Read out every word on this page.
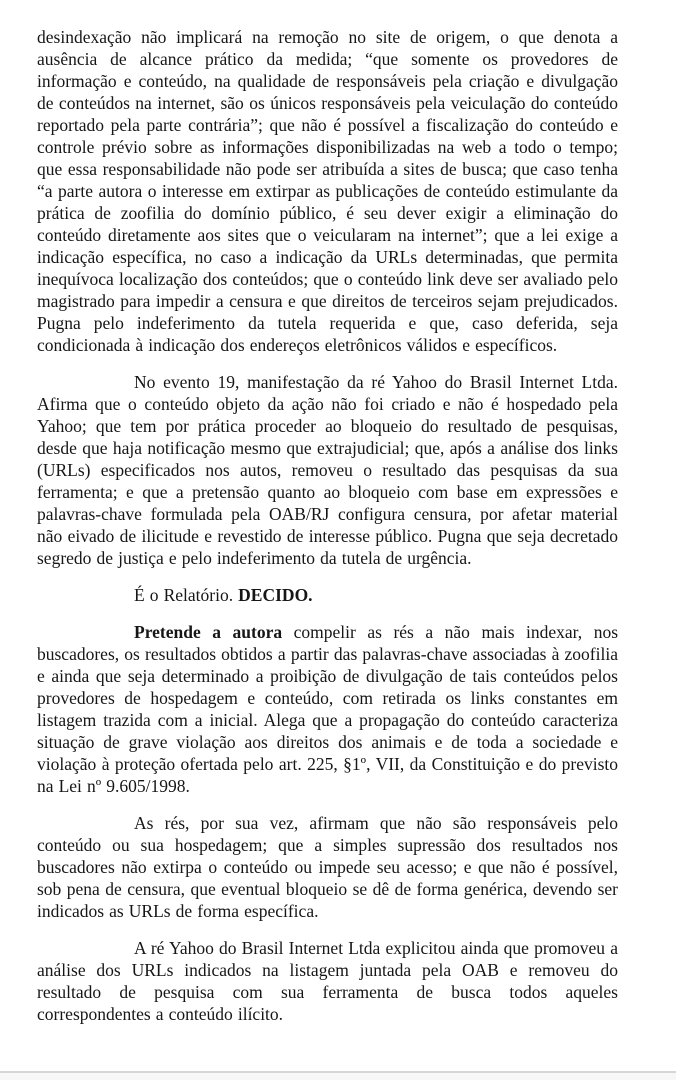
desindexação não implicará na remoção no site de origem, o que denota a ausência de alcance prático da medida; “que somente os provedores de informação e conteúdo, na qualidade de responsáveis pela criação e divulgação de conteúdos na internet, são os únicos responsáveis pela veiculação do conteúdo reportado pela parte contrária”; que não é possível a fiscalização do conteúdo e controle prévio sobre as informações disponibilizadas na web a todo o tempo; que essa responsabilidade não pode ser atribuída a sites de busca; que caso tenha “a parte autora o interesse em extirpar as publicações de conteúdo estimulante da prática de zoofilia do domínio público, é seu dever exigir a eliminação do conteúdo diretamente aos sites que o veicularam na internet”; que a lei exige a indicação específica, no caso a indicação da URLs determinadas, que permita inequívoca localização dos conteúdos; que o conteúdo link deve ser avaliado pelo magistrado para impedir a censura e que direitos de terceiros sejam prejudicados. Pugna pelo indeferimento da tutela requerida e que, caso deferida, seja condicionada à indicação dos endereços eletrônicos válidos e específicos.

No evento 19, manifestação da ré Yahoo do Brasil Internet Ltda. Afirma que o conteúdo objeto da ação não foi criado e não é hospedado pela Yahoo; que tem por prática proceder ao bloqueio do resultado de pesquisas, desde que haja notificação mesmo que extrajudicial; que, após a análise dos links (URLs) especificados nos autos, removeu o resultado das pesquisas da sua ferramenta; e que a pretensão quanto ao bloqueio com base em expressões e palavras-chave formulada pela OAB/RJ configura censura, por afetar material não eivado de ilicitude e revestido de interesse público. Pugna que seja decretado segredo de justiça e pelo indeferimento da tutela de urgência.

É o Relatório. DECIDO.

Pretende a autora compelir as rés a não mais indexar, nos buscadores, os resultados obtidos a partir das palavras-chave associadas à zoofilia e ainda que seja determinado a proibição de divulgação de tais conteúdos pelos provedores de hospedagem e conteúdo, com retirada os links constantes em listagem trazida com a inicial. Alega que a propagação do conteúdo caracteriza situação de grave violação aos direitos dos animais e de toda a sociedade e violação à proteção ofertada pelo art. 225, §1º, VII, da Constituição e do previsto na Lei nº 9.605/1998.

As rés, por sua vez, afirmam que não são responsáveis pelo conteúdo ou sua hospedagem; que a simples supressão dos resultados nos buscadores não extirpa o conteúdo ou impede seu acesso; e que não é possível, sob pena de censura, que eventual bloqueio se dê de forma genérica, devendo ser indicados as URLs de forma específica.

A ré Yahoo do Brasil Internet Ltda explicitou ainda que promoveu a análise dos URLs indicados na listagem juntada pela OAB e removeu do resultado de pesquisa com sua ferramenta de busca todos aqueles correspondentes a conteúdo ilícito.
